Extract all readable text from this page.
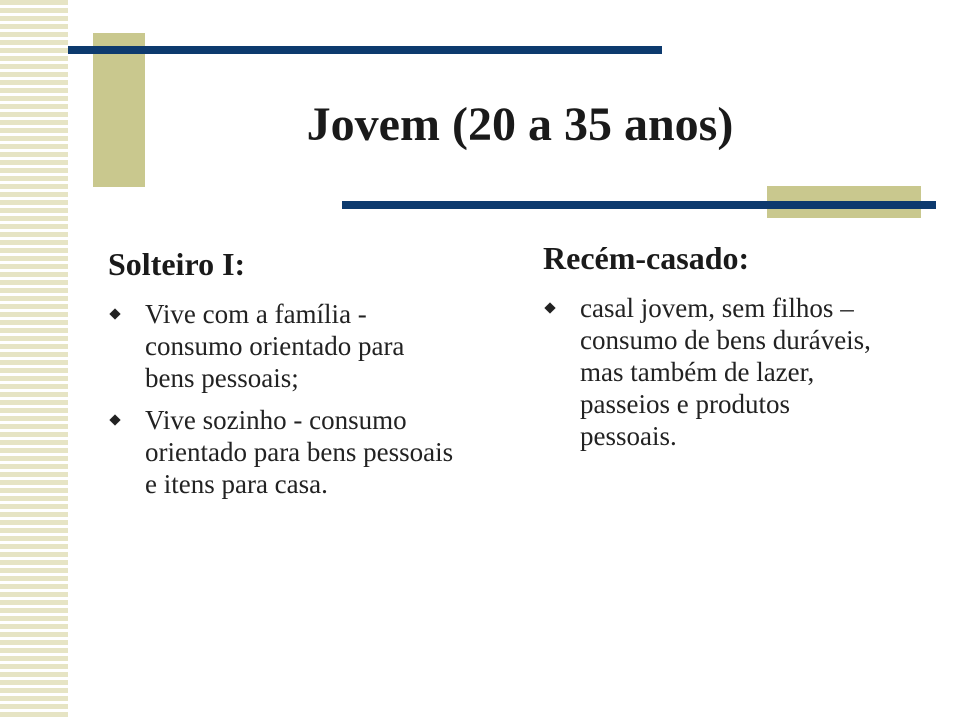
Jovem (20 a 35 anos)
Solteiro I:
Vive com a família - consumo orientado para bens pessoais;
Vive sozinho - consumo orientado para bens pessoais e itens para casa.
Recém-casado:
casal jovem, sem filhos – consumo de bens duráveis, mas também de lazer, passeios e produtos pessoais.
